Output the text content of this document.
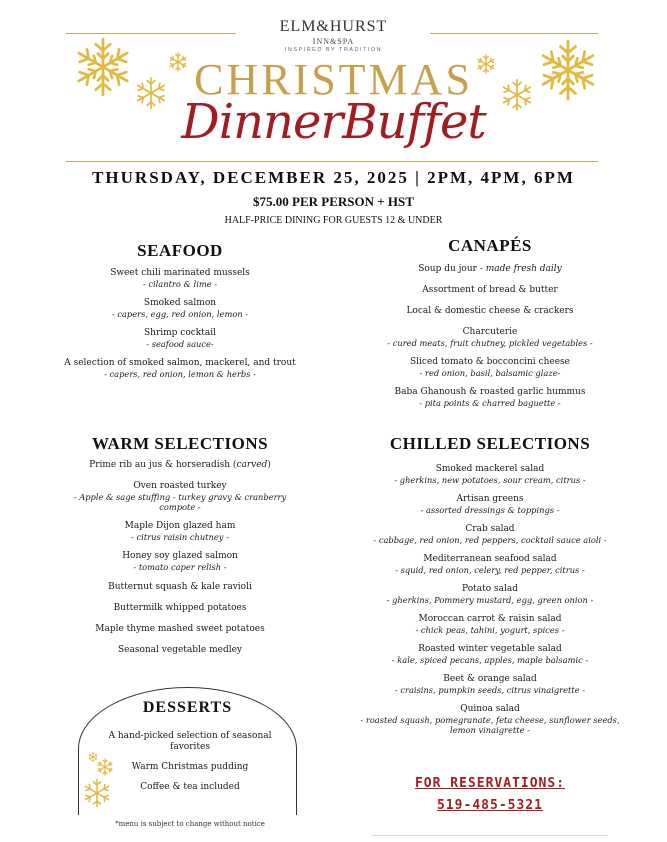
ELM&HURST
INN&SPA
INSPIRED BY TRADITION
CHRISTMAS
DinnerBuffet
THURSDAY, DECEMBER 25, 2025 | 2PM, 4PM, 6PM
$75.00 PER PERSON + HST
HALF-PRICE DINING FOR GUESTS 12 & UNDER
SEAFOOD
Sweet chili marinated mussels
- cilantro & lime -
Smoked salmon
- capers, egg, red onion, lemon -
Shrimp cocktail
- seafood sauce-
A selection of smoked salmon, mackerel, and trout
- capers, red onion, lemon & herbs -
CANAPÉS
Soup du jour - made fresh daily
Assortment of bread & butter
Local & domestic cheese & crackers
Charcuterie
- cured meats, fruit chutney, pickled vegetables -
Sliced tomato & bocconcini cheese
- red onion, basil, balsamic glaze-
Baba Ghanoush & roasted garlic hummus
- pita points & charred baguette -
WARM SELECTIONS
Prime rib au jus & horseradish (carved)
Oven roasted turkey
- Apple & sage stuffing - turkey gravy & cranberry compote -
Maple Dijon glazed ham
- citrus raisin chutney -
Honey soy glazed salmon
- tomato caper relish -
Butternut squash & kale ravioli
Buttermilk whipped potatoes
Maple thyme mashed sweet potatoes
Seasonal vegetable medley
CHILLED SELECTIONS
Smoked mackerel salad
- gherkins, new potatoes, sour cream, citrus -
Artisan greens
- assorted dressings & toppings -
Crab salad
- cabbage, red onion, red peppers, cocktail sauce aioli -
Mediterranean seafood salad
- squid, red onion, celery, red pepper, citrus -
Potato salad
- gherkins, Pommery mustard, egg, green onion -
Moroccan carrot & raisin salad
- chick peas, tahini, yogurt, spices -
Roasted winter vegetable salad
- kale, spiced pecans, apples, maple balsamic -
Beet & orange salad
- craisins, pumpkin seeds, citrus vinaigrette -
Quinoa salad
- roasted squash, pomegranate, feta cheese, sunflower seeds, lemon vinaigrette -
DESSERTS
A hand-picked selection of seasonal favorites
Warm Christmas pudding
Coffee & tea included
*menu is subject to change without notice
FOR RESERVATIONS:
519-485-5321
